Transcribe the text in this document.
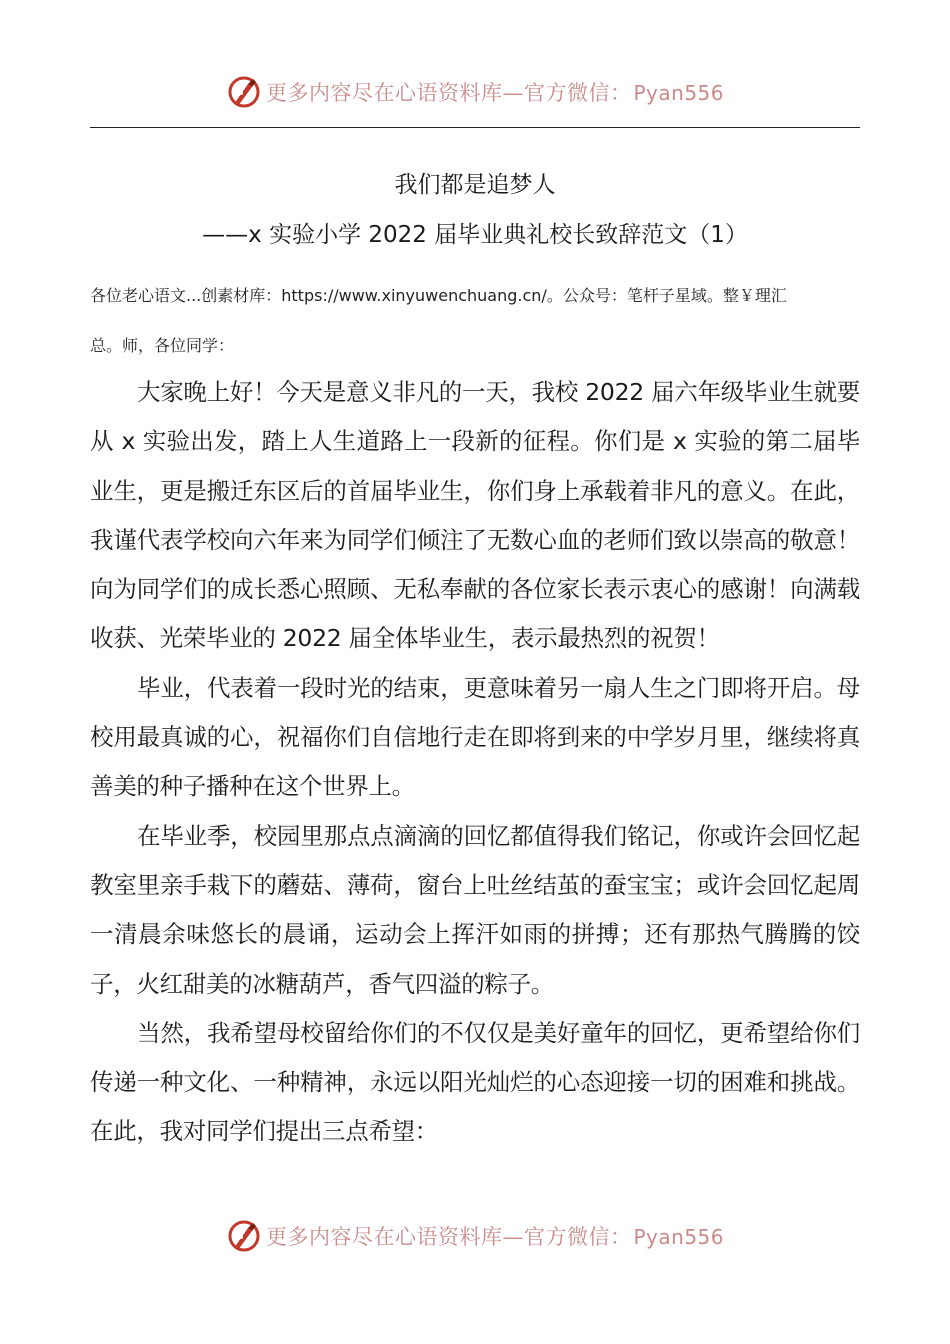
更多内容尽在心语资料库—官方微信： Pyan556
我们都是追梦人
——x 实验小学 2022 届毕业典礼校长致辞范文（1）
各位老心语文...创素材库：https://www.xinyuwenchuang.cn/。公众号：笔杆子星域。整￥理汇
总。师，各位同学：

大家晚上好！今天是意义非凡的一天，我校 2022 届六年级毕业生就要从 x 实验出发，踏上人生道路上一段新的征程。你们是 x 实验的第二届毕业生，更是搬迁东区后的首届毕业生，你们身上承载着非凡的意义。在此，我谨代表学校向六年来为同学们倾注了无数心血的老师们致以崇高的敬意！向为同学们的成长悉心照顾、无私奉献的各位家长表示衷心的感谢！向满载收获、光荣毕业的 2022 届全体毕业生，表示最热烈的祝贺！

毕业，代表着一段时光的结束，更意味着另一扇人生之门即将开启。母校用最真诚的心，祝福你们自信地行走在即将到来的中学岁月里，继续将真善美的种子播种在这个世界上。

在毕业季，校园里那点点滴滴的回忆都值得我们铭记，你或许会回忆起教室里亲手栽下的蘑菇、薄荷，窗台上吐丝结茧的蚕宝宝；或许会回忆起周一清晨余味悠长的晨诵，运动会上挥汗如雨的拼搏；还有那热气腾腾的饺子，火红甜美的冰糖葫芦，香气四溢的粽子。

当然，我希望母校留给你们的不仅仅是美好童年的回忆，更希望给你们传递一种文化、一种精神，永远以阳光灿烂的心态迎接一切的困难和挑战。在此，我对同学们提出三点希望：

更多内容尽在心语资料库—官方微信： Pyan556
